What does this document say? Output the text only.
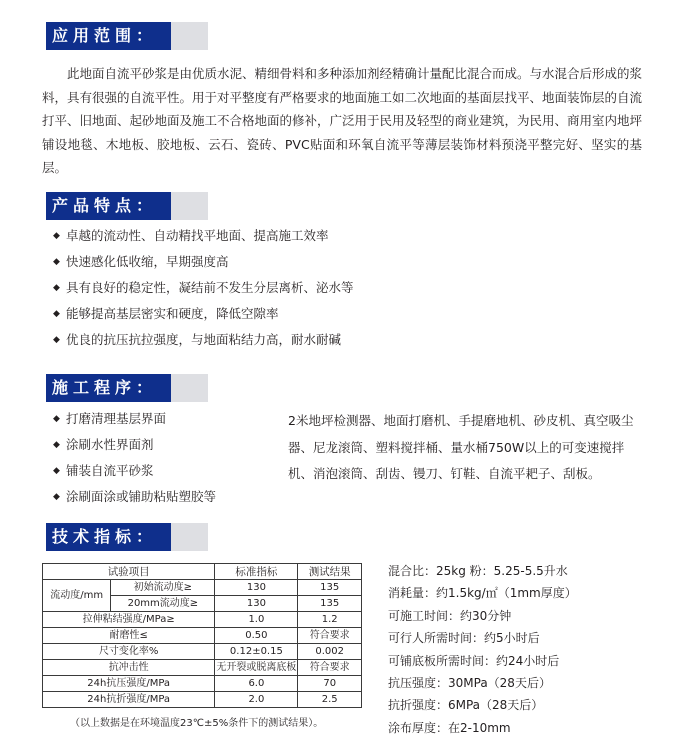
应用范围：

此地面自流平砂浆是由优质水泥、精细骨料和多种添加剂经精确计量配比混合而成。与水混合后形成的浆料，具有很强的自流平性。用于对平整度有严格要求的地面施工如二次地面的基面层找平、地面装饰层的自流打平、旧地面、起砂地面及施工不合格地面的修补，广泛用于民用及轻型的商业建筑，为民用、商用室内地坪铺设地毯、木地板、胶地板、云石、瓷砖、PVC贴面和环氧自流平等薄层装饰材料预浇平整完好、坚实的基层。

产品特点：
◆ 卓越的流动性、自动精找平地面、提高施工效率
◆ 快速感化低收缩，早期强度高
◆ 具有良好的稳定性，凝结前不发生分层离析、泌水等
◆ 能够提高基层密实和硬度，降低空隙率
◆ 优良的抗压抗拉强度，与地面粘结力高，耐水耐碱
施工程序：
◆ 打磨清理基层界面
◆ 涂刷水性界面剂
◆ 铺装自流平砂浆
◆ 涂刷面涂或铺助粘贴塑胶等

2米地坪检测器、地面打磨机、手提磨地机、砂皮机、真空吸尘器、尼龙滚筒、塑料搅拌桶、量水桶750W以上的可变速搅拌机、消泡滚筒、刮齿、镘刀、钉鞋、自流平耙子、刮板。

技术指标：
试验项目		标准指标	测试结果
流动度/mm	初始流动度≥	130	135
	20mm流动度≥	130	135
拉伸粘结强度/MPa≥		1.0	1.2
耐磨性≤		0.50	符合要求
尺寸变化率%		0.12±0.15	0.002
抗冲击性		无开裂或脱离底板	符合要求
24h抗压强度/MPa		6.0	70
24h抗折强度/MPa		2.0	2.5
（以上数据是在环境温度23℃±5%条件下的测试结果）。
混合比：25kg 粉：5.25-5.5升水
消耗量：约1.5kg/㎡（1mm厚度）
可施工时间：约30分钟
可行人所需时间：约5小时后
可铺底板所需时间：约24小时后
抗压强度：30MPa（28天后）
抗折强度：6MPa（28天后）
涂布厚度：在2-10mm
